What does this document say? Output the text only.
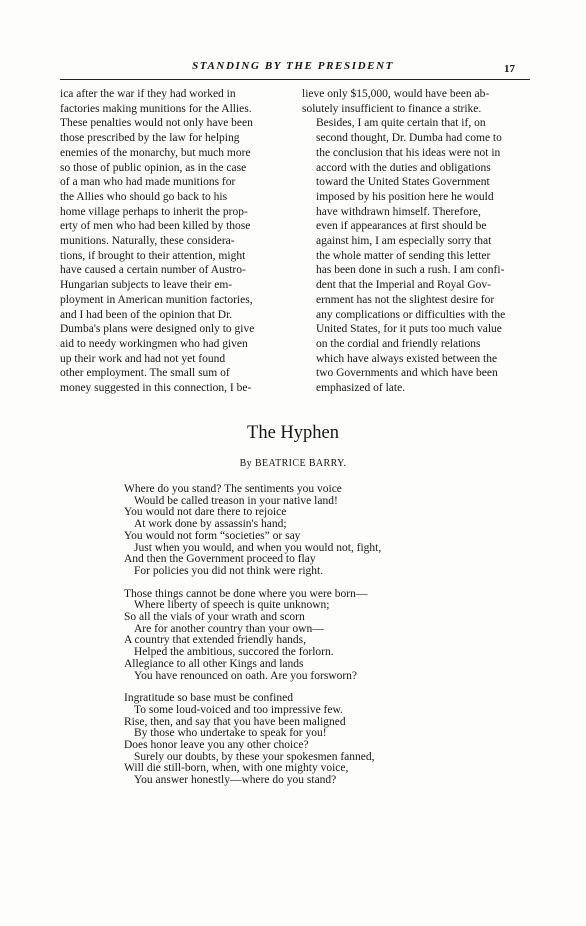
STANDING BY THE PRESIDENT	17

ica after the war if they had worked in
factories making munitions for the Allies.
These penalties would not only have been
those prescribed by the law for helping
enemies of the monarchy, but much more
so those of public opinion, as in the case
of a man who had made munitions for
the Allies who should go back to his
home village perhaps to inherit the prop-
erty of men who had been killed by those
munitions. Naturally, these considera-
tions, if brought to their attention, might
have caused a certain number of Austro-
Hungarian subjects to leave their em-
ployment in American munition factories,
and I had been of the opinion that Dr.
Dumba's plans were designed only to give
aid to needy workingmen who had given
up their work and had not yet found
other employment. The small sum of
money suggested in this connection, I be-

lieve only $15,000, would have been ab-
solutely insufficient to finance a strike.

Besides, I am quite certain that if, on
second thought, Dr. Dumba had come to
the conclusion that his ideas were not in
accord with the duties and obligations
toward the United States Government
imposed by his position here he would
have withdrawn himself. Therefore,
even if appearances at first should be
against him, I am especially sorry that
the whole matter of sending this letter
has been done in such a rush. I am confi-
dent that the Imperial and Royal Gov-
ernment has not the slightest desire for
any complications or difficulties with the
United States, for it puts too much value
on the cordial and friendly relations
which have always existed between the
two Governments and which have been
emphasized of late.

The Hyphen
By BEATRICE BARRY.
Where do you stand? The sentiments you voice
Would be called treason in your native land!
You would not dare there to rejoice
At work done by assassin's hand;
You would not form “societies” or say
Just when you would, and when you would not, fight,
And then the Government proceed to flay
For policies you did not think were right.
Those things cannot be done where you were born—
Where liberty of speech is quite unknown;
So all the vials of your wrath and scorn
Are for another country than your own—
A country that extended friendly hands,
Helped the ambitious, succored the forlorn.
Allegiance to all other Kings and lands
You have renounced on oath. Are you forsworn?
Ingratitude so base must be confined
To some loud-voiced and too impressive few.
Rise, then, and say that you have been maligned
By those who undertake to speak for you!
Does honor leave you any other choice?
Surely our doubts, by these your spokesmen fanned,
Will die still-born, when, with one mighty voice,
You answer honestly—where do you stand?
